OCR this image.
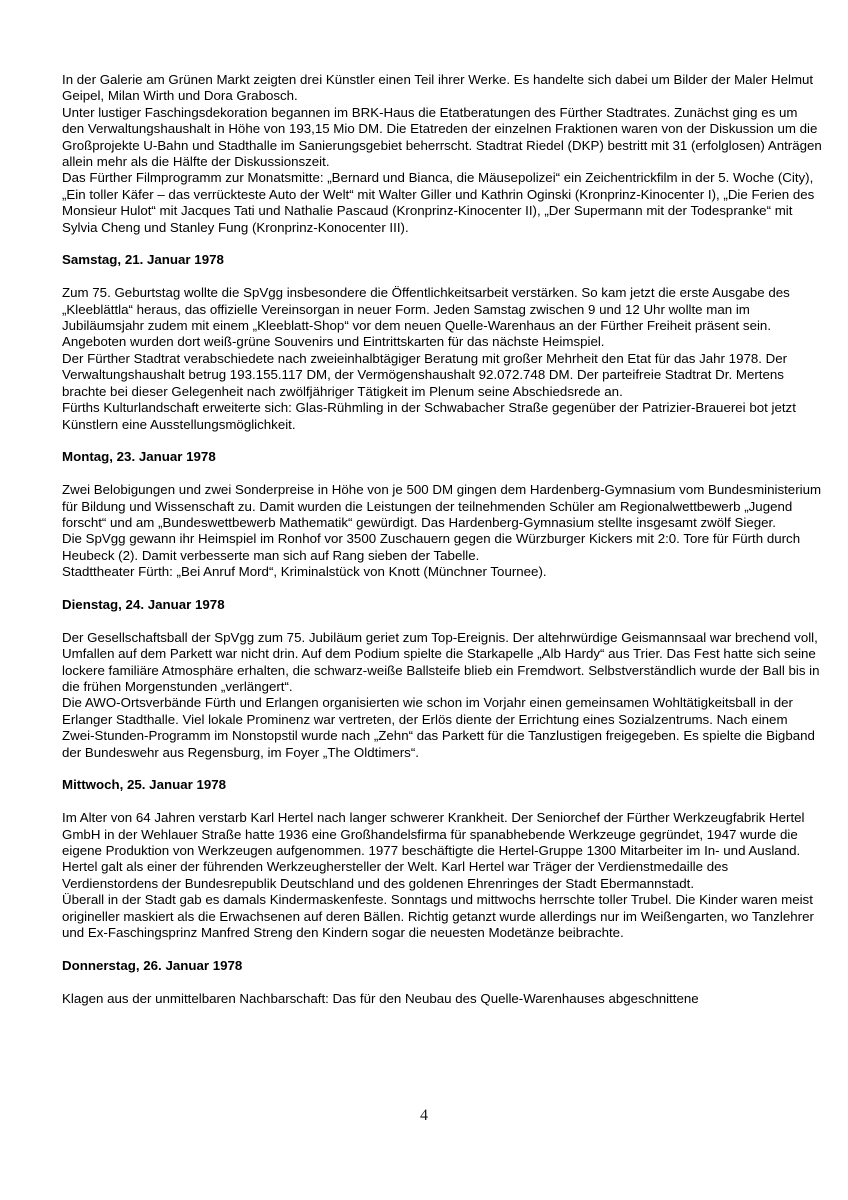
In der Galerie am Grünen Markt zeigten drei Künstler einen Teil ihrer Werke. Es handelte sich dabei um Bilder der Maler Helmut Geipel, Milan Wirth und Dora Grabosch.

Unter lustiger Faschingsdekoration begannen im BRK-Haus die Etatberatungen des Fürther Stadtrates. Zunächst ging es um den Verwaltungshaushalt in Höhe von 193,15 Mio DM. Die Etatreden der einzelnen Fraktionen waren von der Diskussion um die Großprojekte U-Bahn und Stadthalle im Sanierungsgebiet beherrscht. Stadtrat Riedel (DKP) bestritt mit 31 (erfolglosen) Anträgen allein mehr als die Hälfte der Diskussionszeit.

Das Fürther Filmprogramm zur Monatsmitte: „Bernard und Bianca, die Mäusepolizei“ ein Zeichentrickfilm in der 5. Woche (City), „Ein toller Käfer – das verrückteste Auto der Welt“ mit Walter Giller und Kathrin Oginski (Kronprinz-Kinocenter I), „Die Ferien des Monsieur Hulot“ mit Jacques Tati und Nathalie Pascaud (Kronprinz-Kinocenter II), „Der Supermann mit der Todespranke“ mit Sylvia Cheng und Stanley Fung (Kronprinz-Konocenter III).

Samstag, 21. Januar 1978

Zum 75. Geburtstag wollte die SpVgg insbesondere die Öffentlichkeitsarbeit verstärken. So kam jetzt die erste Ausgabe des „Kleeblättla“ heraus, das offizielle Vereinsorgan in neuer Form. Jeden Samstag zwischen 9 und 12 Uhr wollte man im Jubiläumsjahr zudem mit einem „Kleeblatt-Shop“ vor dem neuen Quelle-Warenhaus an der Fürther Freiheit präsent sein. Angeboten wurden dort weiß-grüne Souvenirs und Eintrittskarten für das nächste Heimspiel.

Der Fürther Stadtrat verabschiedete nach zweieinhalbtägiger Beratung mit großer Mehrheit den Etat für das Jahr 1978. Der Verwaltungshaushalt betrug 193.155.117 DM, der Vermögenshaushalt 92.072.748 DM. Der parteifreie Stadtrat Dr. Mertens brachte bei dieser Gelegenheit nach zwölfjähriger Tätigkeit im Plenum seine Abschiedsrede an.

Fürths Kulturlandschaft erweiterte sich: Glas-Rühmling in der Schwabacher Straße gegenüber der Patrizier-Brauerei bot jetzt Künstlern eine Ausstellungsmöglichkeit.

Montag, 23. Januar 1978

Zwei Belobigungen und zwei Sonderpreise in Höhe von je 500 DM gingen dem Hardenberg-Gymnasium vom Bundesministerium für Bildung und Wissenschaft zu. Damit wurden die Leistungen der teilnehmenden Schüler am Regionalwettbewerb „Jugend forscht“ und am „Bundeswettbewerb Mathematik“ gewürdigt. Das Hardenberg-Gymnasium stellte insgesamt zwölf Sieger.

Die SpVgg gewann ihr Heimspiel im Ronhof vor 3500 Zuschauern gegen die Würzburger Kickers mit 2:0. Tore für Fürth durch Heubeck (2). Damit verbesserte man sich auf Rang sieben der Tabelle.

Stadttheater Fürth: „Bei Anruf Mord“, Kriminalstück von Knott (Münchner Tournee).

Dienstag, 24. Januar 1978

Der Gesellschaftsball der SpVgg zum 75. Jubiläum geriet zum Top-Ereignis. Der altehrwürdige Geismannsaal war brechend voll, Umfallen auf dem Parkett war nicht drin. Auf dem Podium spielte die Starkapelle „Alb Hardy“ aus Trier. Das Fest hatte sich seine lockere familiäre Atmosphäre erhalten, die schwarz-weiße Ballsteife blieb ein Fremdwort. Selbstverständlich wurde der Ball bis in die frühen Morgenstunden „verlängert“.

Die AWO-Ortsverbände Fürth und Erlangen organisierten wie schon im Vorjahr einen gemeinsamen Wohltätigkeitsball in der Erlanger Stadthalle. Viel lokale Prominenz war vertreten, der Erlös diente der Errichtung eines Sozialzentrums. Nach einem Zwei-Stunden-Programm im Nonstopstil wurde nach „Zehn“ das Parkett für die Tanzlustigen freigegeben. Es spielte die Bigband der Bundeswehr aus Regensburg, im Foyer „The Oldtimers“.

Mittwoch, 25. Januar 1978

Im Alter von 64 Jahren verstarb Karl Hertel nach langer schwerer Krankheit. Der Seniorchef der Fürther Werkzeugfabrik Hertel GmbH in der Wehlauer Straße hatte 1936 eine Großhandelsfirma für spanabhebende Werkzeuge gegründet, 1947 wurde die eigene Produktion von Werkzeugen aufgenommen. 1977 beschäftigte die Hertel-Gruppe 1300 Mitarbeiter im In- und Ausland. Hertel galt als einer der führenden Werkzeughersteller der Welt. Karl Hertel war Träger der Verdienstmedaille des Verdienstordens der Bundesrepublik Deutschland und des goldenen Ehrenringes der Stadt Ebermannstadt.

Überall in der Stadt gab es damals Kindermaskenfeste. Sonntags und mittwochs herrschte toller Trubel. Die Kinder waren meist origineller maskiert als die Erwachsenen auf deren Bällen. Richtig getanzt wurde allerdings nur im Weißengarten, wo Tanzlehrer und Ex-Faschingsprinz Manfred Streng den Kindern sogar die neuesten Modetänze beibrachte.

Donnerstag, 26. Januar 1978

Klagen aus der unmittelbaren Nachbarschaft: Das für den Neubau des Quelle-Warenhauses abgeschnittene

4
